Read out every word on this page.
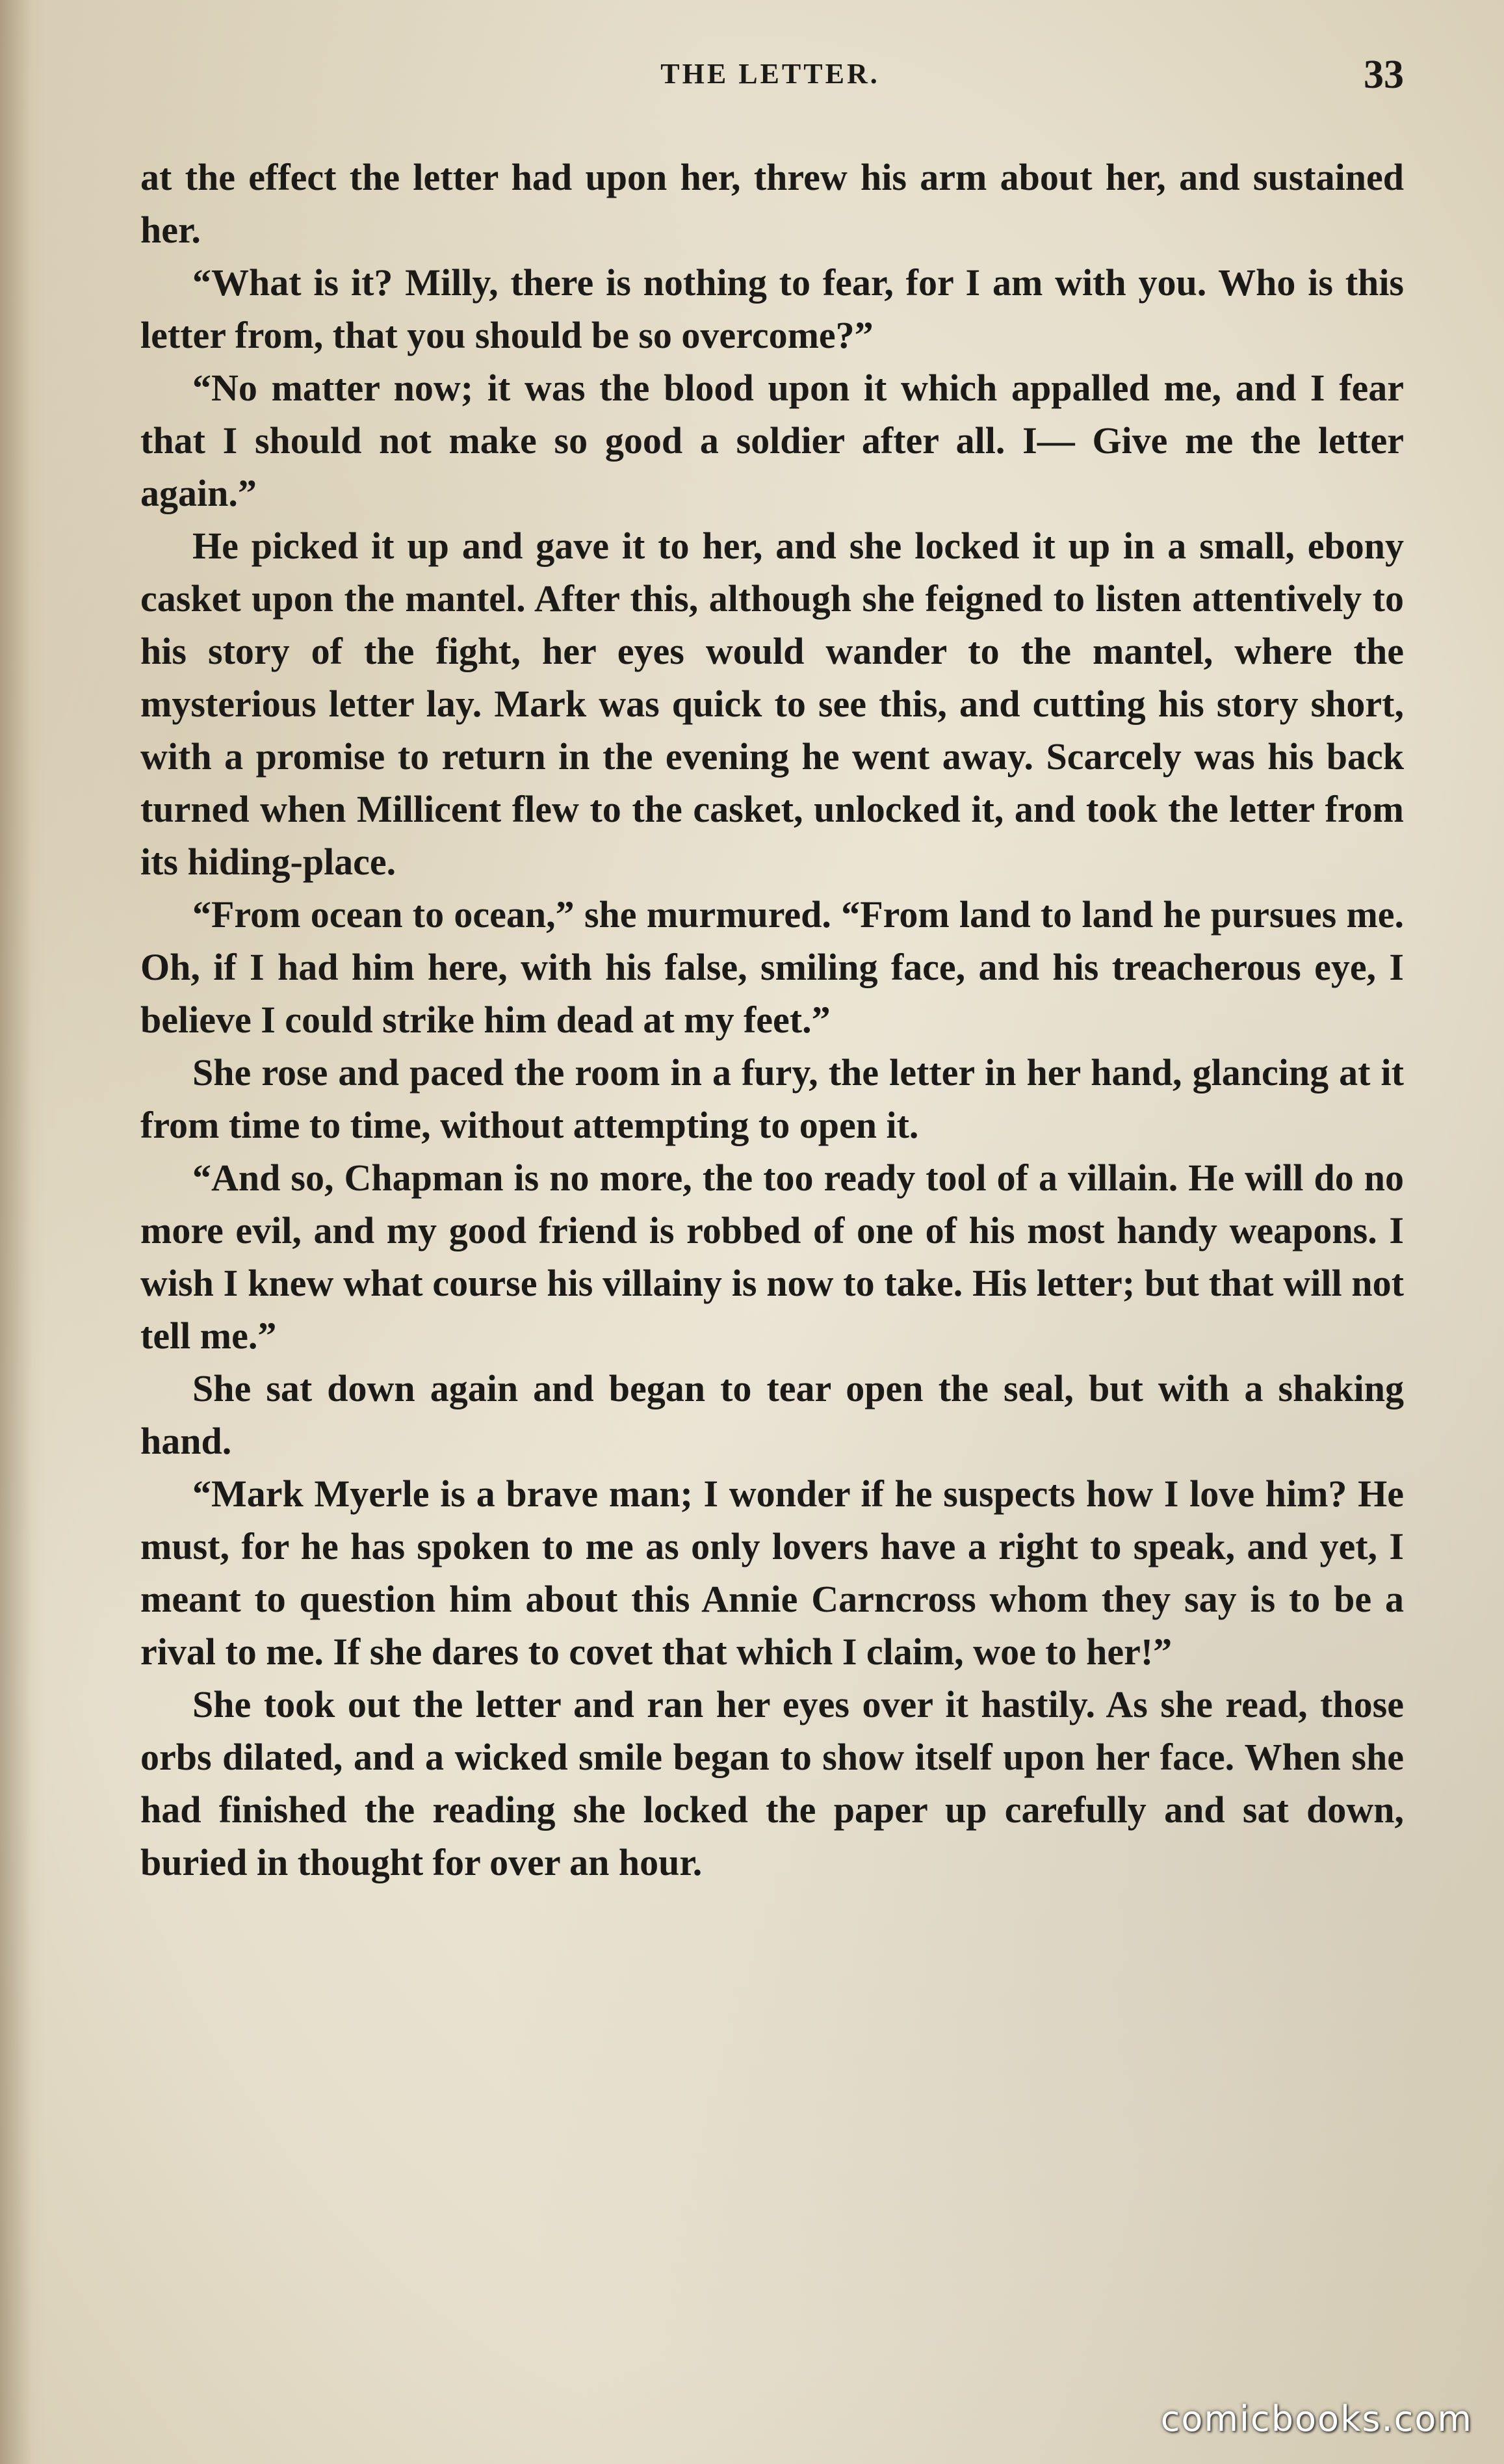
THE LETTER.	33

at the effect the letter had upon her, threw his arm about her, and sustained her.

“What is it? Milly, there is nothing to fear, for I am with you. Who is this letter from, that you should be so overcome?”

“No matter now; it was the blood upon it which appalled me, and I fear that I should not make so good a soldier after all. I— Give me the letter again.”

He picked it up and gave it to her, and she locked it up in a small, ebony casket upon the mantel. After this, although she feigned to listen attentively to his story of the fight, her eyes would wander to the mantel, where the mysterious letter lay. Mark was quick to see this, and cutting his story short, with a promise to return in the evening he went away. Scarcely was his back turned when Millicent flew to the casket, unlocked it, and took the letter from its hiding-place.

“From ocean to ocean,” she murmured. “From land to land he pursues me. Oh, if I had him here, with his false, smiling face, and his treacherous eye, I believe I could strike him dead at my feet.”

She rose and paced the room in a fury, the letter in her hand, glancing at it from time to time, without attempting to open it.

“And so, Chapman is no more, the too ready tool of a villain. He will do no more evil, and my good friend is robbed of one of his most handy weapons. I wish I knew what course his villainy is now to take. His letter; but that will not tell me.”

She sat down again and began to tear open the seal, but with a shaking hand.

“Mark Myerle is a brave man; I wonder if he suspects how I love him? He must, for he has spoken to me as only lovers have a right to speak, and yet, I meant to question him about this Annie Carncross whom they say is to be a rival to me. If she dares to covet that which I claim, woe to her!”

She took out the letter and ran her eyes over it hastily. As she read, those orbs dilated, and a wicked smile began to show itself upon her face. When she had finished the reading she locked the paper up carefully and sat down, buried in thought for over an hour.

comicbooks.com
